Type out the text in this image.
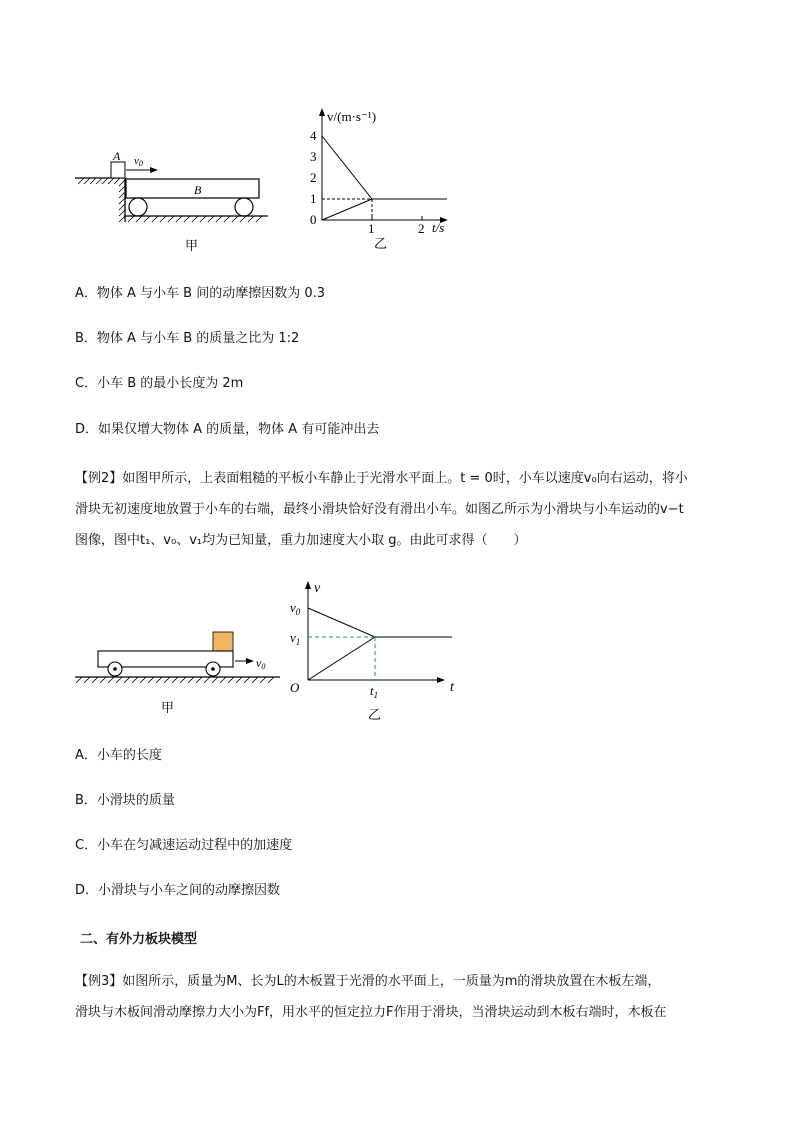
A v0
B
甲
v/(m·s⁻¹)
t/s
4
3
2
1
0
1	2
乙
A．物体 A 与小车 B 间的动摩擦因数为 0.3
B．物体 A 与小车 B 的质量之比为 1:2
C．小车 B 的最小长度为 2m
D．如果仅增大物体 A 的质量，物体 A 有可能冲出去
【例2】如图甲所示，上表面粗糙的平板小车静止于光滑水平面上。t = 0时，小车以速度v₀向右运动，将小
滑块无初速度地放置于小车的右端，最终小滑块恰好没有滑出小车。如图乙所示为小滑块与小车运动的v−t
图像，图中t₁、v₀、v₁均为已知量，重力加速度大小取 g。由此可求得（　　）
v0
甲
v
t
O
$v_0$
$v_1$
$t_1$
乙
A．小车的长度
B．小滑块的质量
C．小车在匀减速运动过程中的加速度
D．小滑块与小车之间的动摩擦因数
二、有外力板块模型
【例3】如图所示，质量为M、长为L的木板置于光滑的水平面上，一质量为m的滑块放置在木板左端，
滑块与木板间滑动摩擦力大小为Ff，用水平的恒定拉力F作用于滑块，当滑块运动到木板右端时，木板在
